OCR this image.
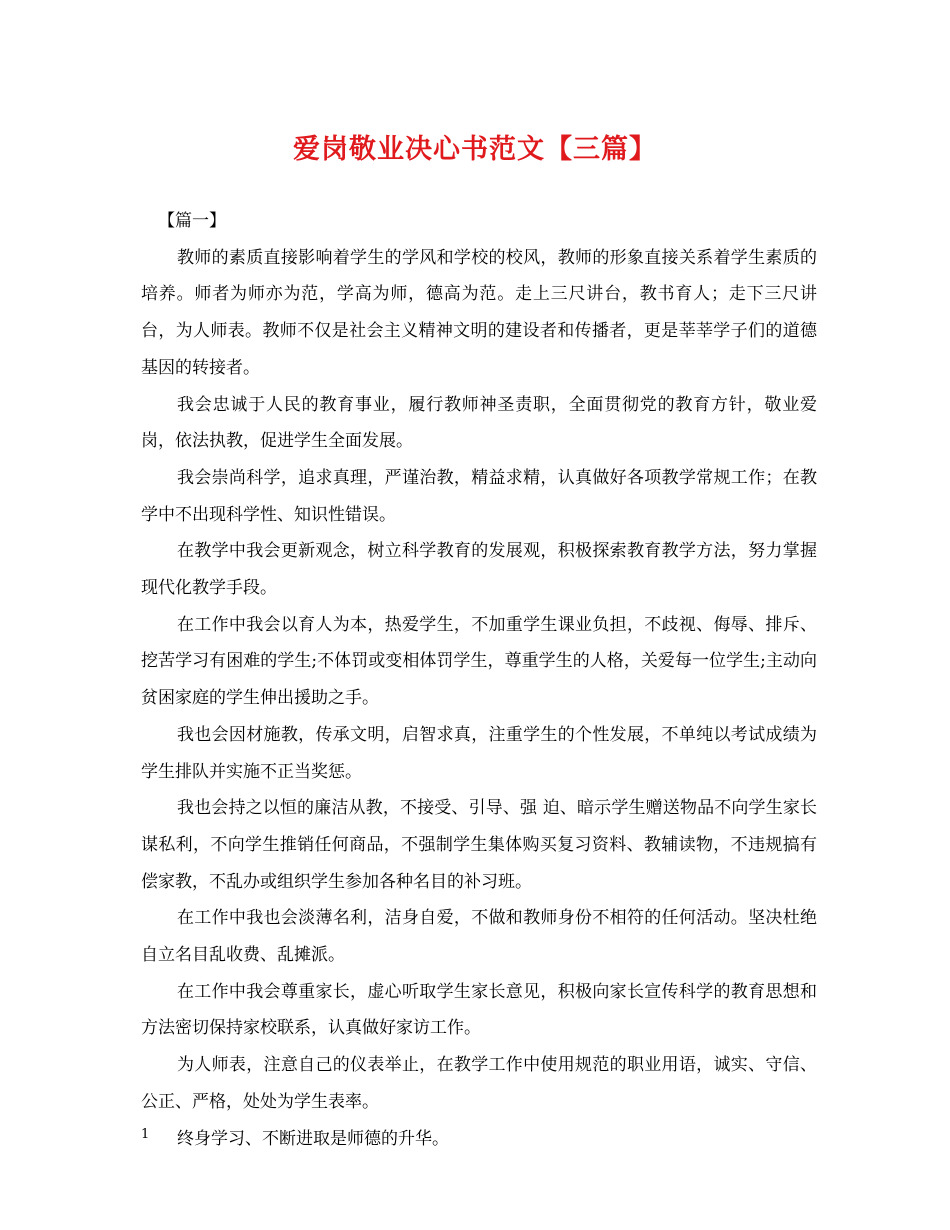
爱岗敬业决心书范文【三篇】

【篇一】

教师的素质直接影响着学生的学风和学校的校风，教师的形象直接关系着学生素质的培养。师者为师亦为范，学高为师，德高为范。走上三尺讲台，教书育人；走下三尺讲台，为人师表。教师不仅是社会主义精神文明的建设者和传播者，更是莘莘学子们的道德基因的转接者。

我会忠诚于人民的教育事业，履行教师神圣责职，全面贯彻党的教育方针，敬业爱岗，依法执教，促进学生全面发展。

我会崇尚科学，追求真理，严谨治教，精益求精，认真做好各项教学常规工作；在教学中不出现科学性、知识性错误。

在教学中我会更新观念，树立科学教育的发展观，积极探索教育教学方法，努力掌握现代化教学手段。

在工作中我会以育人为本，热爱学生，不加重学生课业负担，不歧视、侮辱、排斥、挖苦学习有困难的学生;不体罚或变相体罚学生，尊重学生的人格，关爱每一位学生;主动向贫困家庭的学生伸出援助之手。

我也会因材施教，传承文明，启智求真，注重学生的个性发展，不单纯以考试成绩为学生排队并实施不正当奖惩。

我也会持之以恒的廉洁从教，不接受、引导、强 迫、暗示学生赠送物品不向学生家长谋私利，不向学生推销任何商品，不强制学生集体购买复习资料、教辅读物，不违规搞有偿家教，不乱办或组织学生参加各种名目的补习班。

在工作中我也会淡薄名利，洁身自爱，不做和教师身份不相符的任何活动。坚决杜绝自立名目乱收费、乱摊派。

在工作中我会尊重家长，虚心听取学生家长意见，积极向家长宣传科学的教育思想和方法密切保持家校联系，认真做好家访工作。

为人师表，注意自己的仪表举止，在教学工作中使用规范的职业用语，诚实、守信、公正、严格，处处为学生表率。

终身学习、不断进取是师德的升华。

1
